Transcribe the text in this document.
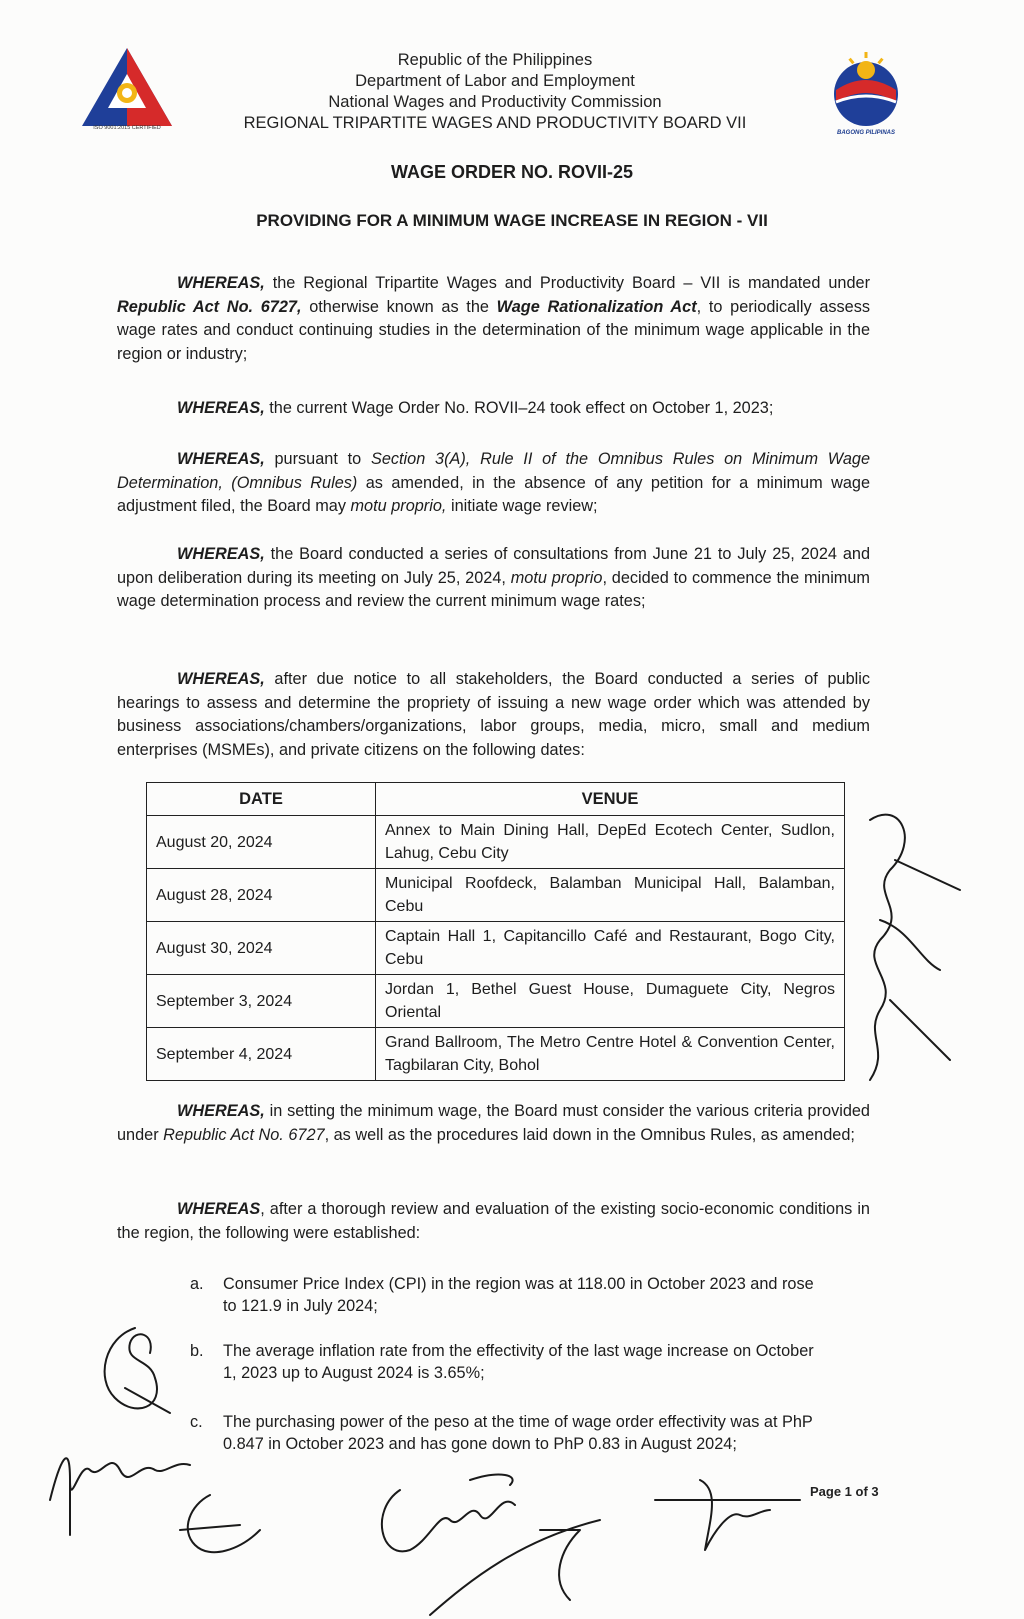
ISO 9001:2015 CERTIFIED
Republic of the Philippines
Department of Labor and Employment
National Wages and Productivity Commission
REGIONAL TRIPARTITE WAGES AND PRODUCTIVITY BOARD VII
BAGONG PILIPINAS
WAGE ORDER NO. ROVII-25
PROVIDING FOR A MINIMUM WAGE INCREASE IN REGION - VII
WHEREAS, the Regional Tripartite Wages and Productivity Board – VII is mandated under Republic Act No. 6727, otherwise known as the Wage Rationalization Act, to periodically assess wage rates and conduct continuing studies in the determination of the minimum wage applicable in the region or industry;
WHEREAS, the current Wage Order No. ROVII–24 took effect on October 1, 2023;
WHEREAS, pursuant to Section 3(A), Rule II of the Omnibus Rules on Minimum Wage Determination, (Omnibus Rules) as amended, in the absence of any petition for a minimum wage adjustment filed, the Board may motu proprio, initiate wage review;
WHEREAS, the Board conducted a series of consultations from June 21 to July 25, 2024 and upon deliberation during its meeting on July 25, 2024, motu proprio, decided to commence the minimum wage determination process and review the current minimum wage rates;
WHEREAS, after due notice to all stakeholders, the Board conducted a series of public hearings to assess and determine the propriety of issuing a new wage order which was attended by business associations/chambers/organizations, labor groups, media, micro, small and medium enterprises (MSMEs), and private citizens on the following dates:
DATE	VENUE
August 20, 2024	Annex to Main Dining Hall, DepEd Ecotech Center, Sudlon, Lahug, Cebu City
August 28, 2024	Municipal Roofdeck, Balamban Municipal Hall, Balamban, Cebu
August 30, 2024	Captain Hall 1, Capitancillo Café and Restaurant, Bogo City, Cebu
September 3, 2024	Jordan 1, Bethel Guest House, Dumaguete City, Negros Oriental
September 4, 2024	Grand Ballroom, The Metro Centre Hotel & Convention Center, Tagbilaran City, Bohol
WHEREAS, in setting the minimum wage, the Board must consider the various criteria provided under Republic Act No. 6727, as well as the procedures laid down in the Omnibus Rules, as amended;
WHEREAS, after a thorough review and evaluation of the existing socio-economic conditions in the region, the following were established:
a. Consumer Price Index (CPI) in the region was at 118.00 in October 2023 and rose to 121.9 in July 2024;
b. The average inflation rate from the effectivity of the last wage increase on October 1, 2023 up to August 2024 is 3.65%;
c. The purchasing power of the peso at the time of wage order effectivity was at PhP 0.847 in October 2023 and has gone down to PhP 0.83 in August 2024;
Page 1 of 3
